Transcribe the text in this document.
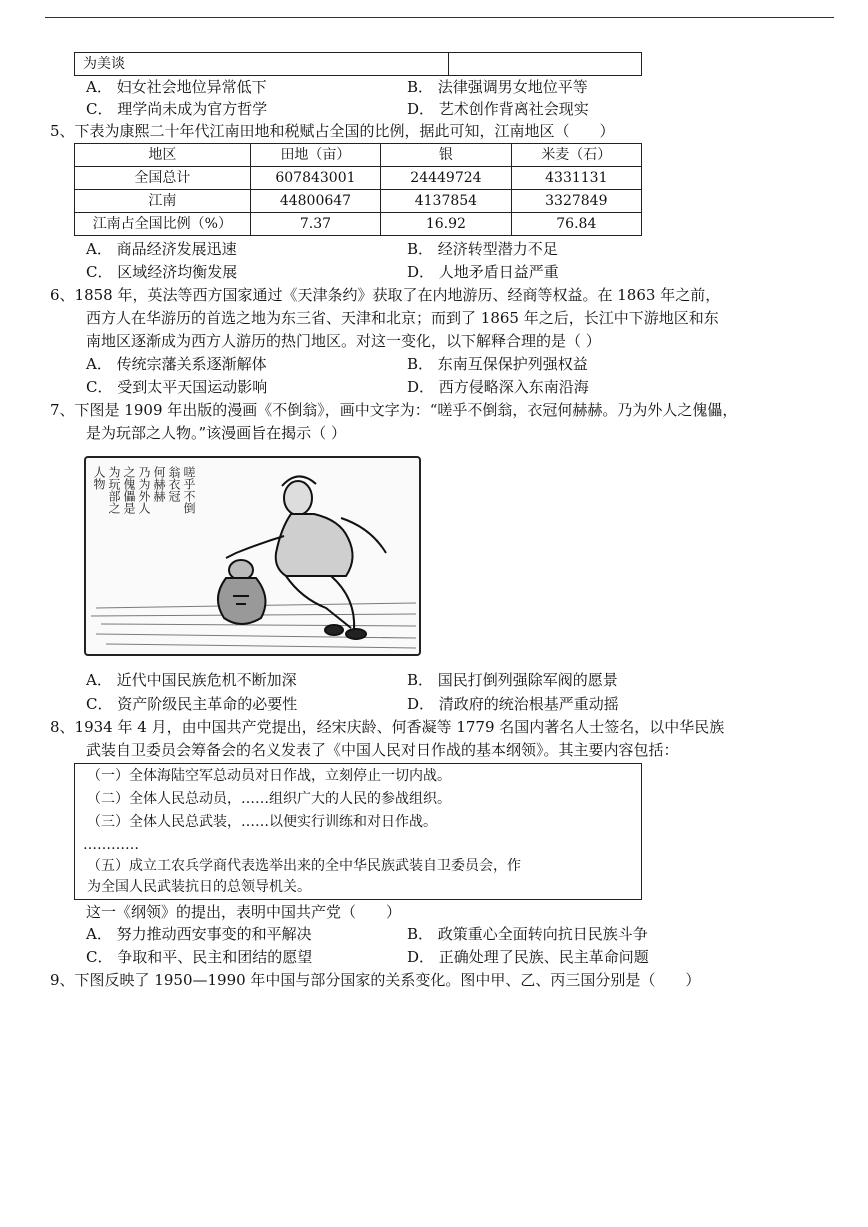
为美谈	
A． 妇女社会地位异常低下	B． 法律强调男女地位平等
C． 理学尚未成为官方哲学	D． 艺术创作背离社会现实
5、下表为康熙二十年代江南田地和税赋占全国的比例，据此可知，江南地区（　　）
地区	田地（亩）	银	米麦（石）
全国总计	607843001	24449724	4331131
江南	44800647	4137854	3327849
江南占全国比例（%）	7.37	16.92	76.84
A． 商品经济发展迅速	B． 经济转型潜力不足
C． 区域经济均衡发展	D． 人地矛盾日益严重
6、1858 年，英法等西方国家通过《天津条约》获取了在内地游历、经商等权益。在 1863 年之前，
西方人在华游历的首选之地为东三省、天津和北京；而到了 1865 年之后，长江中下游地区和东
南地区逐渐成为西方人游历的热门地区。对这一变化，以下解释合理的是（ ）
A． 传统宗藩关系逐渐解体	B． 东南互保保护列强权益
C． 受到太平天国运动影响	D． 西方侵略深入东南沿海
7、下图是 1909 年出版的漫画《不倒翁》，画中文字为：“嗟乎不倒翁，衣冠何赫赫。乃为外人之傀儡，
是为玩部之人物。”该漫画旨在揭示（ ）
嗟乎不倒
翁衣冠
何赫赫
乃为外人
之傀儡是
为玩部之
人物
A． 近代中国民族危机不断加深	B． 国民打倒列强除军阀的愿景
C． 资产阶级民主革命的必要性	D． 清政府的统治根基严重动摇
8、1934 年 4 月，由中国共产党提出，经宋庆龄、何香凝等 1779 名国内著名人士签名，以中华民族
武装自卫委员会筹备会的名义发表了《中国人民对日作战的基本纲领》。其主要内容包括：
（一）全体海陆空军总动员对日作战，立刻停止一切内战。
（二）全体人民总动员，……组织广大的人民的参战组织。
（三）全体人民总武装，……以便实行训练和对日作战。
…………
（五）成立工农兵学商代表选举出来的全中华民族武装自卫委员会，作
为全国人民武装抗日的总领导机关。
这一《纲领》的提出，表明中国共产党（　　）
A． 努力推动西安事变的和平解决	B． 政策重心全面转向抗日民族斗争
C． 争取和平、民主和团结的愿望	D． 正确处理了民族、民主革命问题
9、下图反映了 1950—1990 年中国与部分国家的关系变化。图中甲、乙、丙三国分别是（　　）
